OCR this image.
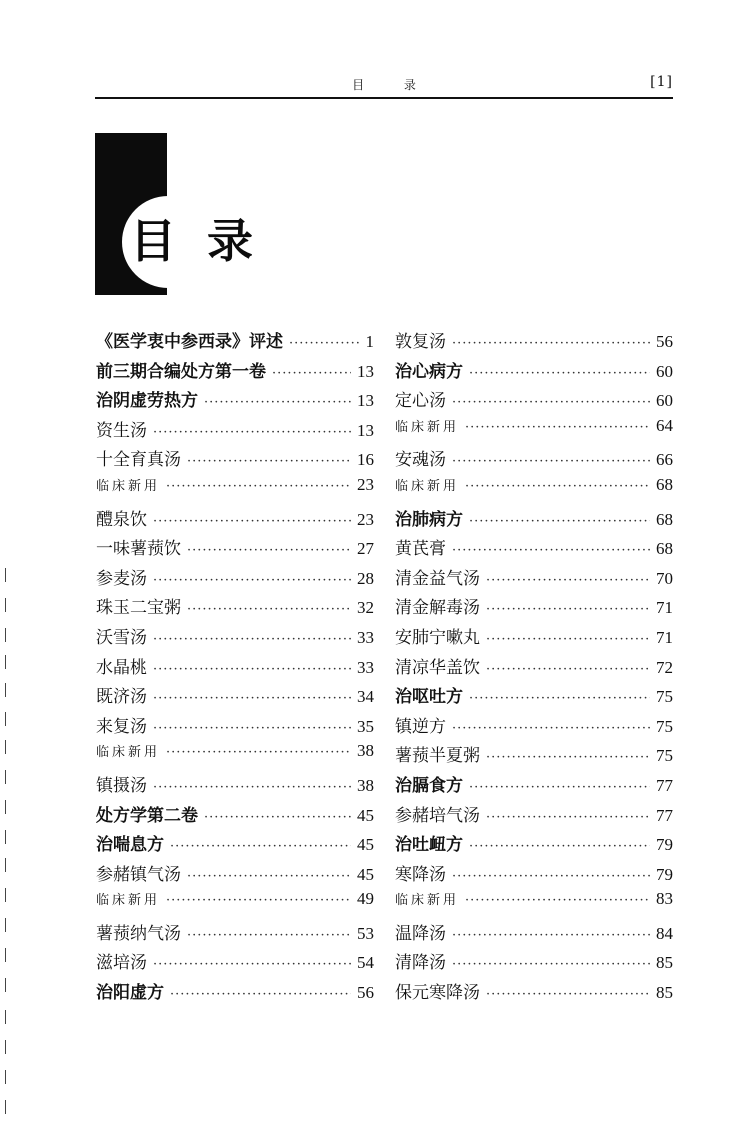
目 录	[1]
目 录
《医学衷中参西录》评述 ·····	1
前三期合编处方第一卷 ·····	13
治阴虚劳热方 ·····	13
资生汤 ·····	13
十全育真汤 ·····	16
临床新用 ·····	23
醴泉饮 ·····	23
一味薯蓣饮 ·····	27
参麦汤 ·····	28
珠玉二宝粥 ·····	32
沃雪汤 ·····	33
水晶桃 ·····	33
既济汤 ·····	34
来复汤 ·····	35
临床新用 ·····	38
镇摄汤 ·····	38
处方学第二卷 ·····	45
治喘息方 ·····	45
参赭镇气汤 ·····	45
临床新用 ·····	49
薯蓣纳气汤 ·····	53
滋培汤 ·····	54
治阳虚方 ·····	56
敦复汤 ·····	56
治心病方 ·····	60
定心汤 ·····	60
临床新用 ·····	64
安魂汤 ·····	66
临床新用 ·····	68
治肺病方 ·····	68
黄芪膏 ·····	68
清金益气汤 ·····	70
清金解毒汤 ·····	71
安肺宁嗽丸 ·····	71
清凉华盖饮 ·····	72
治呕吐方 ·····	75
镇逆方 ·····	75
薯蓣半夏粥 ·····	75
治膈食方 ·····	77
参赭培气汤 ·····	77
治吐衄方 ·····	79
寒降汤 ·····	79
临床新用 ·····	83
温降汤 ·····	84
清降汤 ·····	85
保元寒降汤 ·····	85
